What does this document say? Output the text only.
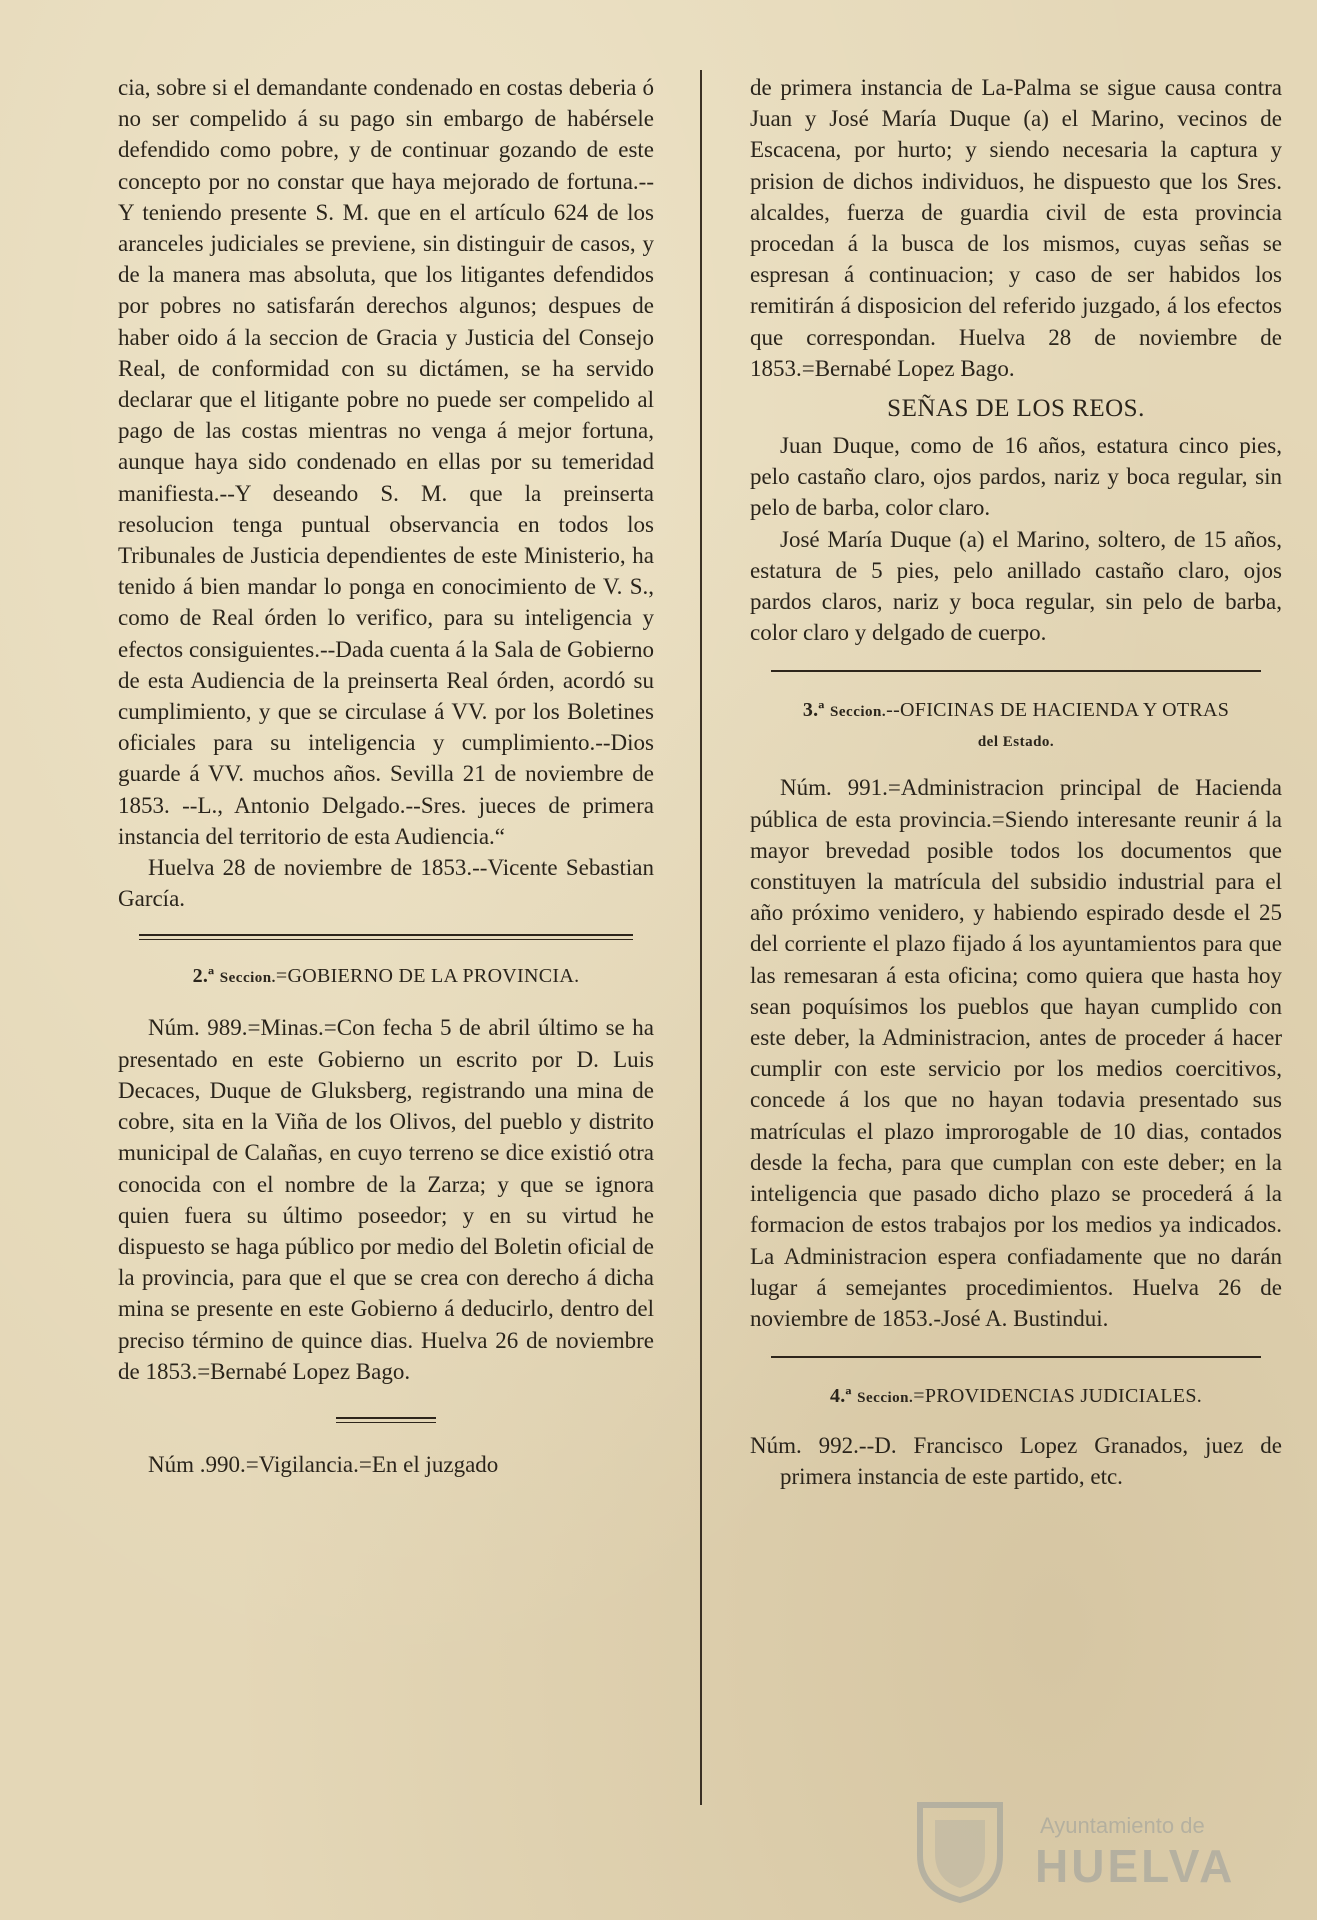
cia, sobre si el demandante condenado en costas deberia ó no ser compelido á su pago sin embargo de habérsele defendido como pobre, y de continuar gozando de este concepto por no constar que haya mejorado de fortuna.--Y teniendo presente S. M. que en el artículo 624 de los aranceles judiciales se previene, sin distinguir de casos, y de la manera mas absoluta, que los litigantes defendidos por pobres no satisfarán derechos algunos; despues de haber oido á la seccion de Gracia y Justicia del Consejo Real, de conformidad con su dictámen, se ha servido declarar que el litigante pobre no puede ser compelido al pago de las costas mientras no venga á mejor fortuna, aunque haya sido condenado en ellas por su temeridad manifiesta.--Y deseando S. M. que la preinserta resolucion tenga puntual observancia en todos los Tribunales de Justicia dependientes de este Ministerio, ha tenido á bien mandar lo ponga en conocimiento de V. S., como de Real órden lo verifico, para su inteligencia y efectos consiguientes.--Dada cuenta á la Sala de Gobierno de esta Audiencia de la preinserta Real órden, acordó su cumplimiento, y que se circulase á VV. por los Boletines oficiales para su inteligencia y cumplimiento.--Dios guarde á VV. muchos años. Sevilla 21 de noviembre de 1853. --L., Antonio Delgado.--Sres. jueces de primera instancia del territorio de esta Audiencia.“

Huelva 28 de noviembre de 1853.--Vicente Sebastian García.

2.ª Seccion.=GOBIERNO DE LA PROVINCIA.

Núm. 989.=Minas.=Con fecha 5 de abril último se ha presentado en este Gobierno un escrito por D. Luis Decaces, Duque de Gluksberg, registrando una mina de cobre, sita en la Viña de los Olivos, del pueblo y distrito municipal de Calañas, en cuyo terreno se dice existió otra conocida con el nombre de la Zarza; y que se ignora quien fuera su último poseedor; y en su virtud he dispuesto se haga público por medio del Boletin oficial de la provincia, para que el que se crea con derecho á dicha mina se presente en este Gobierno á deducirlo, dentro del preciso término de quince dias. Huelva 26 de noviembre de 1853.=Bernabé Lopez Bago.

Núm .990.=Vigilancia.=En el juzgado

de primera instancia de La-Palma se sigue causa contra Juan y José María Duque (a) el Marino, vecinos de Escacena, por hurto; y siendo necesaria la captura y prision de dichos individuos, he dispuesto que los Sres. alcaldes, fuerza de guardia civil de esta provincia procedan á la busca de los mismos, cuyas señas se espresan á continuacion; y caso de ser habidos los remitirán á disposicion del referido juzgado, á los efectos que correspondan. Huelva 28 de noviembre de 1853.=Bernabé Lopez Bago.

SEÑAS DE LOS REOS.

Juan Duque, como de 16 años, estatura cinco pies, pelo castaño claro, ojos pardos, nariz y boca regular, sin pelo de barba, color claro.

José María Duque (a) el Marino, soltero, de 15 años, estatura de 5 pies, pelo anillado castaño claro, ojos pardos claros, nariz y boca regular, sin pelo de barba, color claro y delgado de cuerpo.

3.ª Seccion.--OFICINAS DE HACIENDA Y OTRAS

del Estado.

Núm. 991.=Administracion principal de Hacienda pública de esta provincia.=Siendo interesante reunir á la mayor brevedad posible todos los documentos que constituyen la matrícula del subsidio industrial para el año próximo venidero, y habiendo espirado desde el 25 del corriente el plazo fijado á los ayuntamientos para que las remesaran á esta oficina; como quiera que hasta hoy sean poquísimos los pueblos que hayan cumplido con este deber, la Administracion, antes de proceder á hacer cumplir con este servicio por los medios coercitivos, concede á los que no hayan todavia presentado sus matrículas el plazo improrogable de 10 dias, contados desde la fecha, para que cumplan con este deber; en la inteligencia que pasado dicho plazo se procederá á la formacion de estos trabajos por los medios ya indicados. La Administracion espera confiadamente que no darán lugar á semejantes procedimientos. Huelva 26 de noviembre de 1853.-José A. Bustindui.

4.ª Seccion.=PROVIDENCIAS JUDICIALES.

Núm. 992.--D. Francisco Lopez Granados, juez de primera instancia de este partido, etc.

Ayuntamiento de
HUELVA
